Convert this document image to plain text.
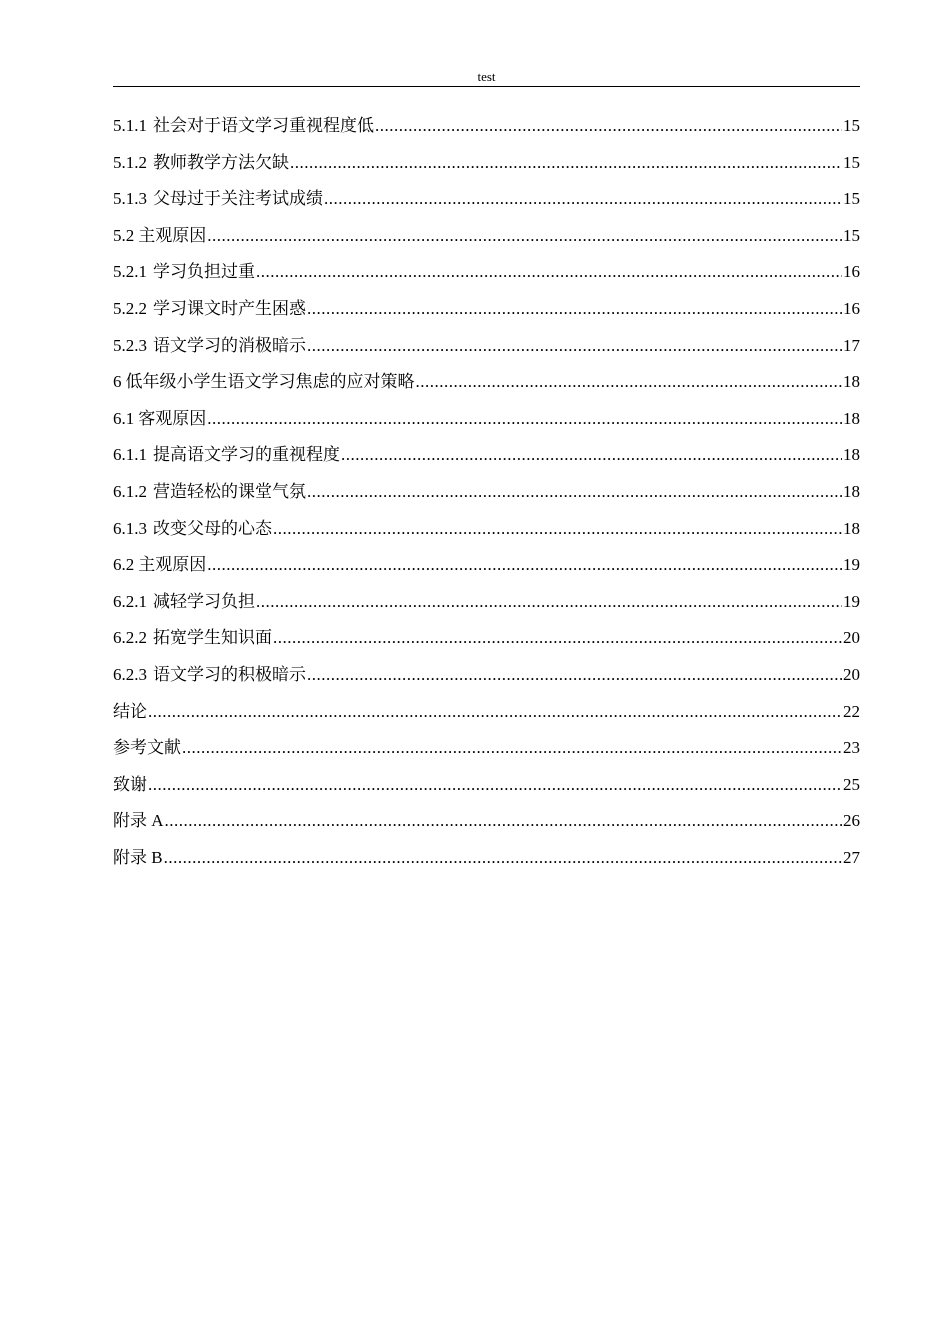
test
5.1.1 社会对于语文学习重视程度低 .....	15
5.1.2 教师教学方法欠缺 .....	15
5.1.3 父母过于关注考试成绩 .....	15
5.2 主观原因 .....	15
5.2.1 学习负担过重 .....	16
5.2.2 学习课文时产生困惑 .....	16
5.2.3 语文学习的消极暗示 .....	17
6 低年级小学生语文学习焦虑的应对策略 .....	18
6.1 客观原因 .....	18
6.1.1 提高语文学习的重视程度 .....	18
6.1.2 营造轻松的课堂气氛 .....	18
6.1.3 改变父母的心态 .....	18
6.2 主观原因 .....	19
6.2.1 减轻学习负担 .....	19
6.2.2 拓宽学生知识面 .....	20
6.2.3 语文学习的积极暗示 .....	20
结论 .....	22
参考文献 .....	23
致谢 .....	25
附录 A .....	26
附录 B .....	27
